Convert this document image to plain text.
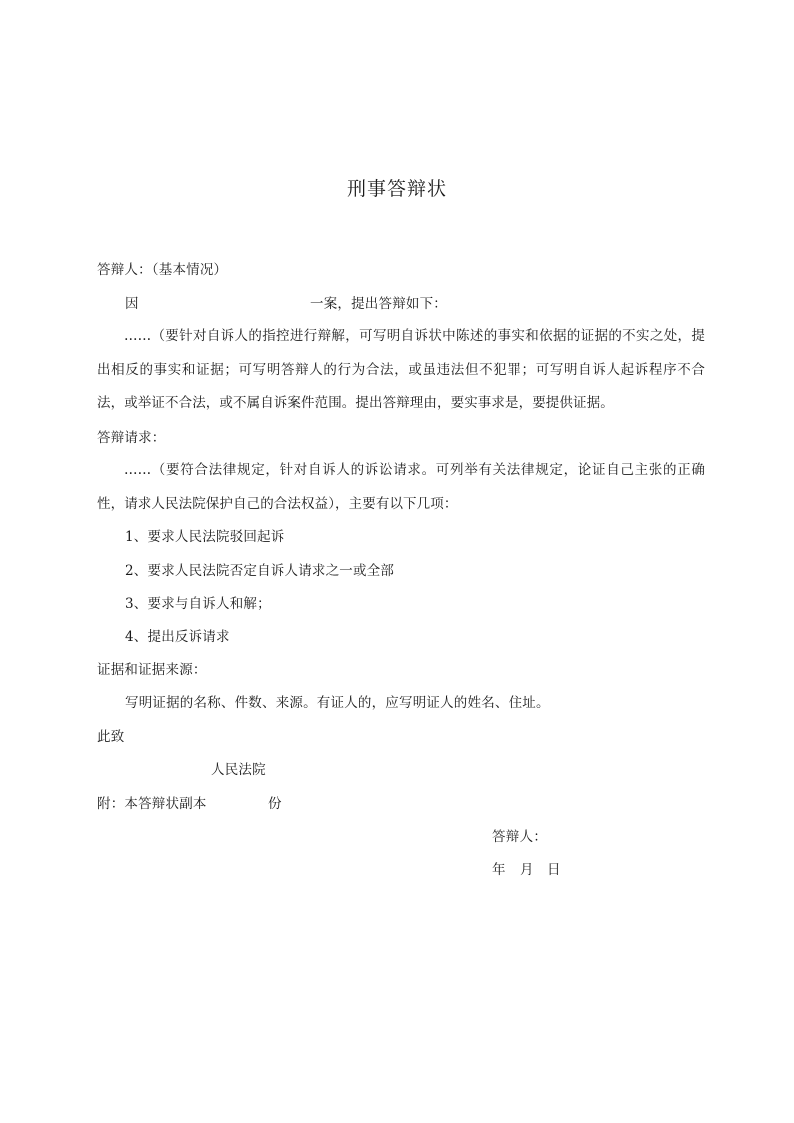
刑事答辩状
答辩人：（基本情况）
因	一案，提出答辩如下：
……（要针对自诉人的指控进行辩解，可写明自诉状中陈述的事实和依据的证据的不实之处，提出相反的事实和证据；可写明答辩人的行为合法，或虽违法但不犯罪；可写明自诉人起诉程序不合法，或举证不合法，或不属自诉案件范围。提出答辩理由，要实事求是，要提供证据。
答辩请求：
……（要符合法律规定，针对自诉人的诉讼请求。可列举有关法律规定，论证自己主张的正确性，请求人民法院保护自己的合法权益），主要有以下几项：
1、要求人民法院驳回起诉
2、要求人民法院否定自诉人请求之一或全部
3、要求与自诉人和解；
4、提出反诉请求
证据和证据来源：
写明证据的名称、件数、来源。有证人的，应写明证人的姓名、住址。
此致
人民法院
附：本答辩状副本	份
答辩人：
年 月 日
